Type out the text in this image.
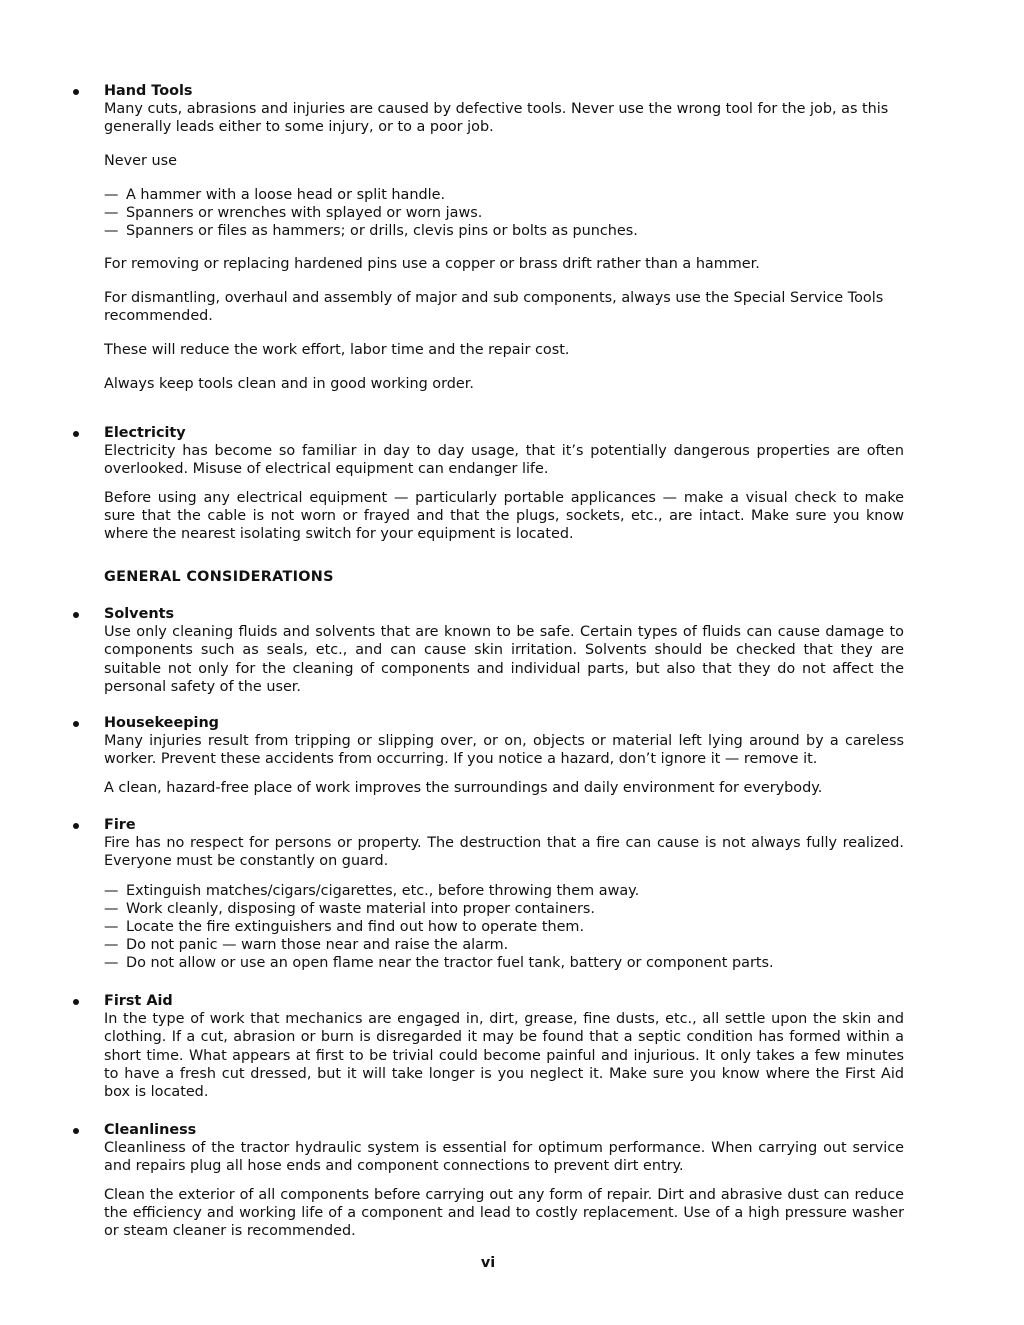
Hand Tools
Many cuts, abrasions and injuries are caused by defective tools. Never use the wrong tool for the job, as this generally leads either to some injury, or to a poor job.
Never use
— A hammer with a loose head or split handle.
— Spanners or wrenches with splayed or worn jaws.
— Spanners or files as hammers; or drills, clevis pins or bolts as punches.
For removing or replacing hardened pins use a copper or brass drift rather than a hammer.
For dismantling, overhaul and assembly of major and sub components, always use the Special Service Tools recommended.
These will reduce the work effort, labor time and the repair cost.
Always keep tools clean and in good working order.
Electricity
Electricity has become so familiar in day to day usage, that it’s potentially dangerous properties are often overlooked. Misuse of electrical equipment can endanger life.
Before using any electrical equipment — particularly portable applicances — make a visual check to make sure that the cable is not worn or frayed and that the plugs, sockets, etc., are intact. Make sure you know where the nearest isolating switch for your equipment is located.
GENERAL CONSIDERATIONS
Solvents
Use only cleaning fluids and solvents that are known to be safe. Certain types of fluids can cause damage to components such as seals, etc., and can cause skin irritation. Solvents should be checked that they are suitable not only for the cleaning of components and individual parts, but also that they do not affect the personal safety of the user.
Housekeeping
Many injuries result from tripping or slipping over, or on, objects or material left lying around by a careless worker. Prevent these accidents from occurring. If you notice a hazard, don’t ignore it — remove it.
A clean, hazard-free place of work improves the surroundings and daily environment for everybody.
Fire
Fire has no respect for persons or property. The destruction that a fire can cause is not always fully realized. Everyone must be constantly on guard.
— Extinguish matches/cigars/cigarettes, etc., before throwing them away.
— Work cleanly, disposing of waste material into proper containers.
— Locate the fire extinguishers and find out how to operate them.
— Do not panic — warn those near and raise the alarm.
— Do not allow or use an open flame near the tractor fuel tank, battery or component parts.
First Aid
In the type of work that mechanics are engaged in, dirt, grease, fine dusts, etc., all settle upon the skin and clothing. If a cut, abrasion or burn is disregarded it may be found that a septic condition has formed within a short time. What appears at first to be trivial could become painful and injurious. It only takes a few minutes to have a fresh cut dressed, but it will take longer is you neglect it. Make sure you know where the First Aid box is located.
Cleanliness
Cleanliness of the tractor hydraulic system is essential for optimum performance. When carrying out service and repairs plug all hose ends and component connections to prevent dirt entry.
Clean the exterior of all components before carrying out any form of repair. Dirt and abrasive dust can reduce the efficiency and working life of a component and lead to costly replacement. Use of a high pressure washer or steam cleaner is recommended.
vi
